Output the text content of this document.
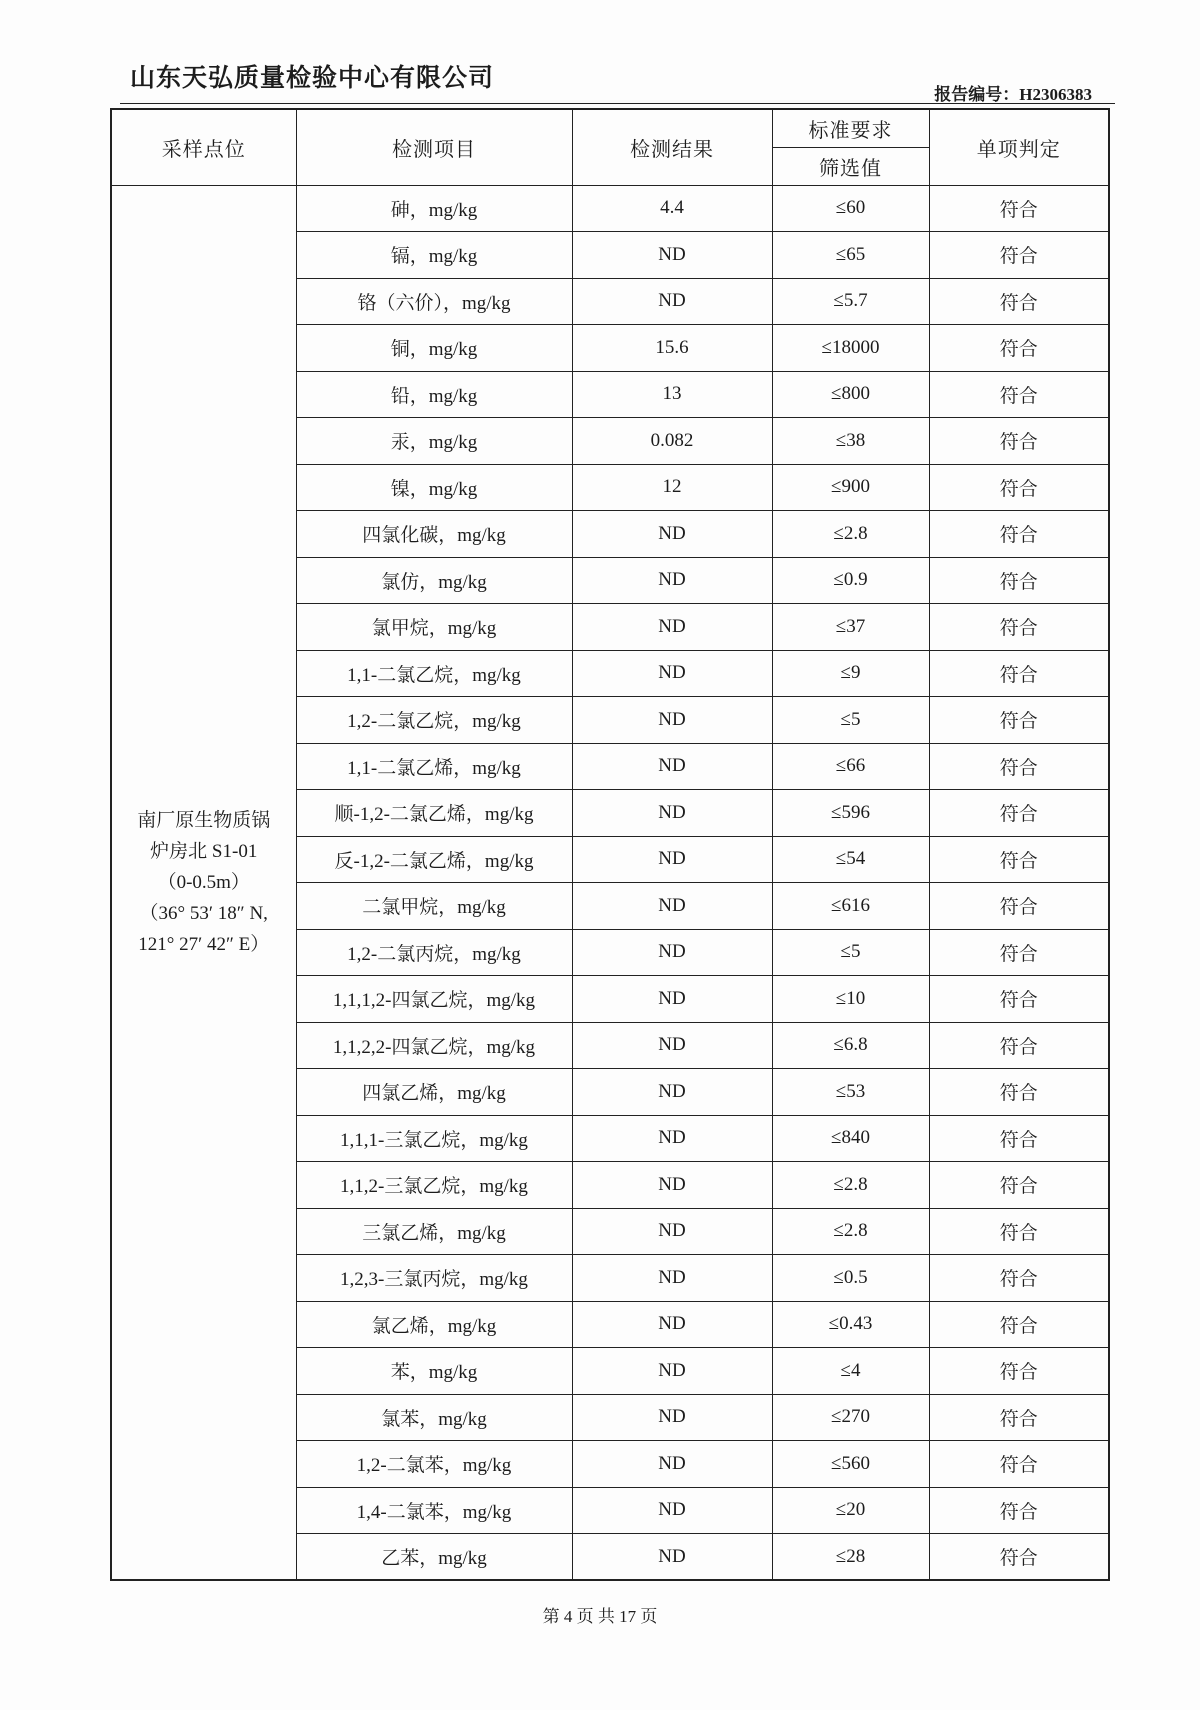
山东天弘质量检验中心有限公司
报告编号：H2306383
采样点位	检测项目	检测结果	标准要求	单项判定
			筛选值	

南厂原生物质锅
炉房北 S1-01
（0-0.5m）
（36° 53′ 18″ N,
121° 27′ 42″ E）	砷，mg/kg	4.4	≤60	符合
	镉，mg/kg	ND	≤65	符合
	铬（六价），mg/kg	ND	≤5.7	符合
	铜，mg/kg	15.6	≤18000	符合
	铅，mg/kg	13	≤800	符合
	汞，mg/kg	0.082	≤38	符合
	镍，mg/kg	12	≤900	符合
	四氯化碳，mg/kg	ND	≤2.8	符合
	氯仿，mg/kg	ND	≤0.9	符合
	氯甲烷，mg/kg	ND	≤37	符合
	1,1-二氯乙烷，mg/kg	ND	≤9	符合
	1,2-二氯乙烷，mg/kg	ND	≤5	符合
	1,1-二氯乙烯，mg/kg	ND	≤66	符合
	顺-1,2-二氯乙烯，mg/kg	ND	≤596	符合
	反-1,2-二氯乙烯，mg/kg	ND	≤54	符合
	二氯甲烷，mg/kg	ND	≤616	符合
	1,2-二氯丙烷，mg/kg	ND	≤5	符合
	1,1,1,2-四氯乙烷，mg/kg	ND	≤10	符合
	1,1,2,2-四氯乙烷，mg/kg	ND	≤6.8	符合
	四氯乙烯，mg/kg	ND	≤53	符合
	1,1,1-三氯乙烷，mg/kg	ND	≤840	符合
	1,1,2-三氯乙烷，mg/kg	ND	≤2.8	符合
	三氯乙烯，mg/kg	ND	≤2.8	符合
	1,2,3-三氯丙烷，mg/kg	ND	≤0.5	符合
	氯乙烯，mg/kg	ND	≤0.43	符合
	苯，mg/kg	ND	≤4	符合
	氯苯，mg/kg	ND	≤270	符合
	1,2-二氯苯，mg/kg	ND	≤560	符合
	1,4-二氯苯，mg/kg	ND	≤20	符合
	乙苯，mg/kg	ND	≤28	符合
第 4 页 共 17 页
